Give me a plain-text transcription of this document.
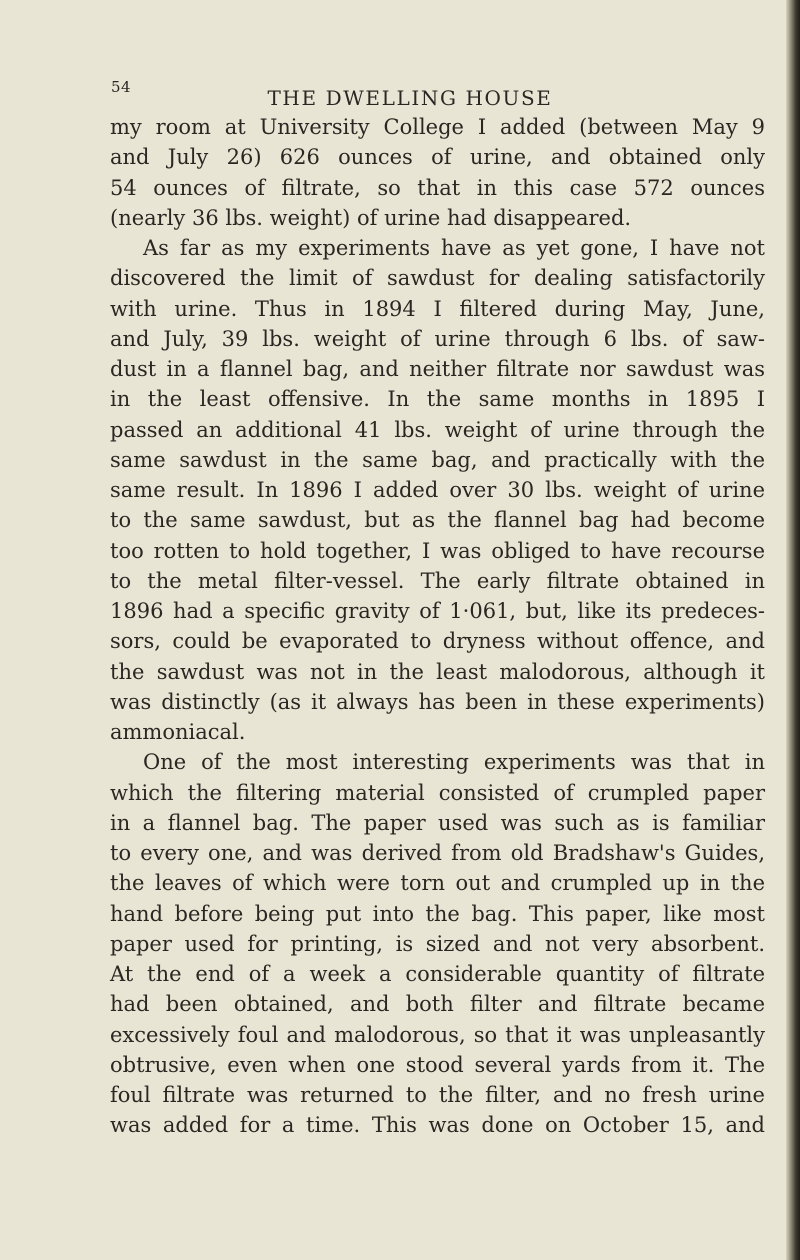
54	THE DWELLING HOUSE

my room at University College I added (between May 9
and July 26) 626 ounces of urine, and obtained only
54 ounces of filtrate, so that in this case 572 ounces
(nearly 36 lbs. weight) of urine had disappeared.

As far as my experiments have as yet gone, I have not
discovered the limit of sawdust for dealing satisfactorily
with urine. Thus in 1894 I filtered during May, June,
and July, 39 lbs. weight of urine through 6 lbs. of saw-
dust in a flannel bag, and neither filtrate nor sawdust was
in the least offensive. In the same months in 1895 I
passed an additional 41 lbs. weight of urine through the
same sawdust in the same bag, and practically with the
same result. In 1896 I added over 30 lbs. weight of urine
to the same sawdust, but as the flannel bag had become
too rotten to hold together, I was obliged to have recourse
to the metal filter-vessel. The early filtrate obtained in
1896 had a specific gravity of 1·061, but, like its predeces-
sors, could be evaporated to dryness without offence, and
the sawdust was not in the least malodorous, although it
was distinctly (as it always has been in these experiments)
ammoniacal.

One of the most interesting experiments was that in
which the filtering material consisted of crumpled paper
in a flannel bag. The paper used was such as is familiar
to every one, and was derived from old Bradshaw's Guides,
the leaves of which were torn out and crumpled up in the
hand before being put into the bag. This paper, like most
paper used for printing, is sized and not very absorbent.
At the end of a week a considerable quantity of filtrate
had been obtained, and both filter and filtrate became
excessively foul and malodorous, so that it was unpleasantly
obtrusive, even when one stood several yards from it. The
foul filtrate was returned to the filter, and no fresh urine
was added for a time. This was done on October 15, and
